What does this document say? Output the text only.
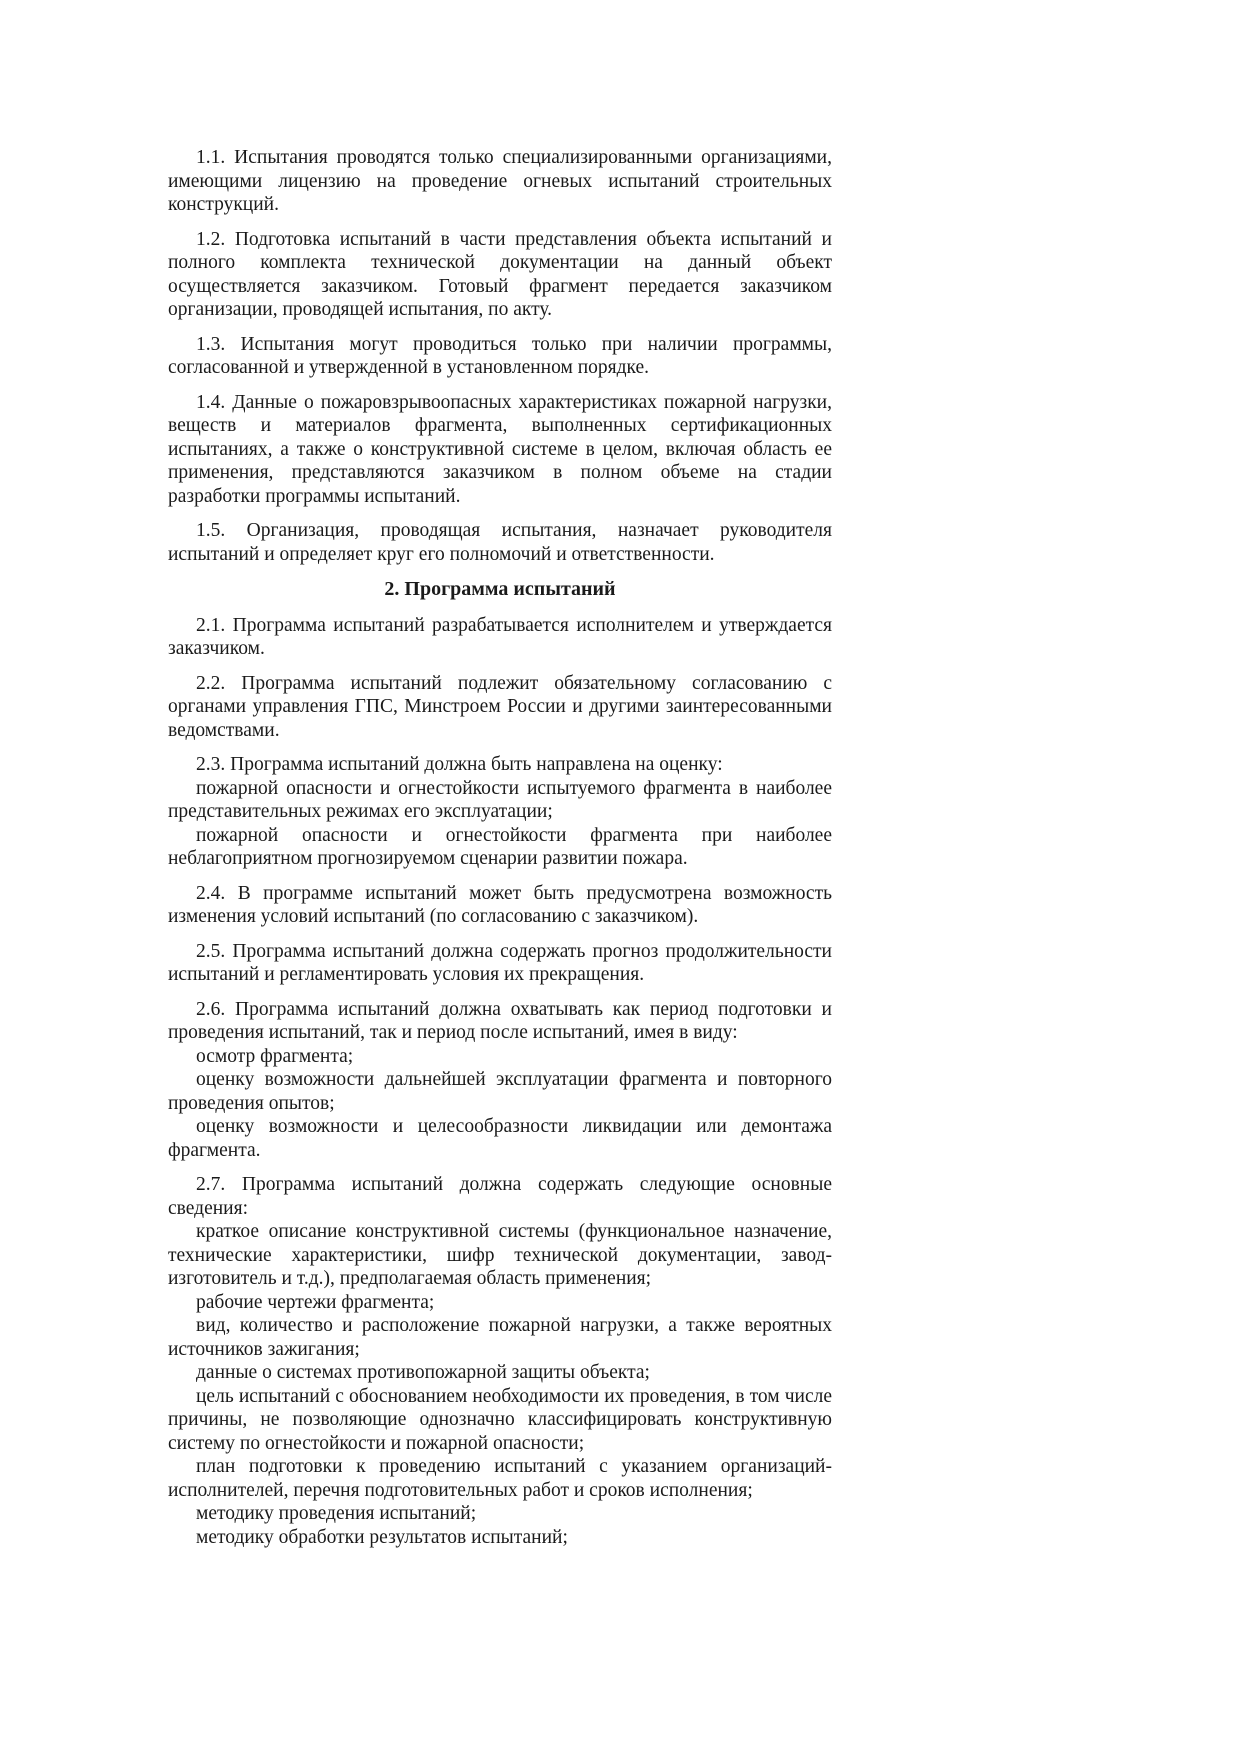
1.1. Испытания проводятся только специализированными организациями, имеющими лицензию на проведение огневых испытаний строительных конструкций.

1.2. Подготовка испытаний в части представления объекта испытаний и полного комплекта технической документации на данный объект осуществляется заказчиком. Готовый фрагмент передается заказчиком организации, проводящей испытания, по акту.

1.3. Испытания могут проводиться только при наличии программы, согласованной и утвержденной в установленном порядке.

1.4. Данные о пожаровзрывоопасных характеристиках пожарной нагрузки, веществ и материалов фрагмента, выполненных сертификационных испытаниях, а также о конструктивной системе в целом, включая область ее применения, представляются заказчиком в полном объеме на стадии разработки программы испытаний.

1.5. Организация, проводящая испытания, назначает руководителя испытаний и определяет круг его полномочий и ответственности.

2. Программа испытаний

2.1. Программа испытаний разрабатывается исполнителем и утверждается заказчиком.

2.2. Программа испытаний подлежит обязательному согласованию с органами управления ГПС, Минстроем России и другими заинтересованными ведомствами.

2.3. Программа испытаний должна быть направлена на оценку:

пожарной опасности и огнестойкости испытуемого фрагмента в наиболее представительных режимах его эксплуатации;

пожарной опасности и огнестойкости фрагмента при наиболее неблагоприятном прогнозируемом сценарии развитии пожара.

2.4. В программе испытаний может быть предусмотрена возможность изменения условий испытаний (по согласованию с заказчиком).

2.5. Программа испытаний должна содержать прогноз продолжительности испытаний и регламентировать условия их прекращения.

2.6. Программа испытаний должна охватывать как период подготовки и проведения испытаний, так и период после испытаний, имея в виду:

осмотр фрагмента;

оценку возможности дальнейшей эксплуатации фрагмента и повторного проведения опытов;

оценку возможности и целесообразности ликвидации или демонтажа фрагмента.

2.7. Программа испытаний должна содержать следующие основные сведения:

краткое описание конструктивной системы (функциональное назначение, технические характеристики, шифр технической документации, завод-изготовитель и т.д.), предполагаемая область применения;

рабочие чертежи фрагмента;

вид, количество и расположение пожарной нагрузки, а также вероятных источников зажигания;

данные о системах противопожарной защиты объекта;

цель испытаний с обоснованием необходимости их проведения, в том числе причины, не позволяющие однозначно классифицировать конструктивную систему по огнестойкости и пожарной опасности;

план подготовки к проведению испытаний с указанием организаций-исполнителей, перечня подготовительных работ и сроков исполнения;

методику проведения испытаний;

методику обработки результатов испытаний;
